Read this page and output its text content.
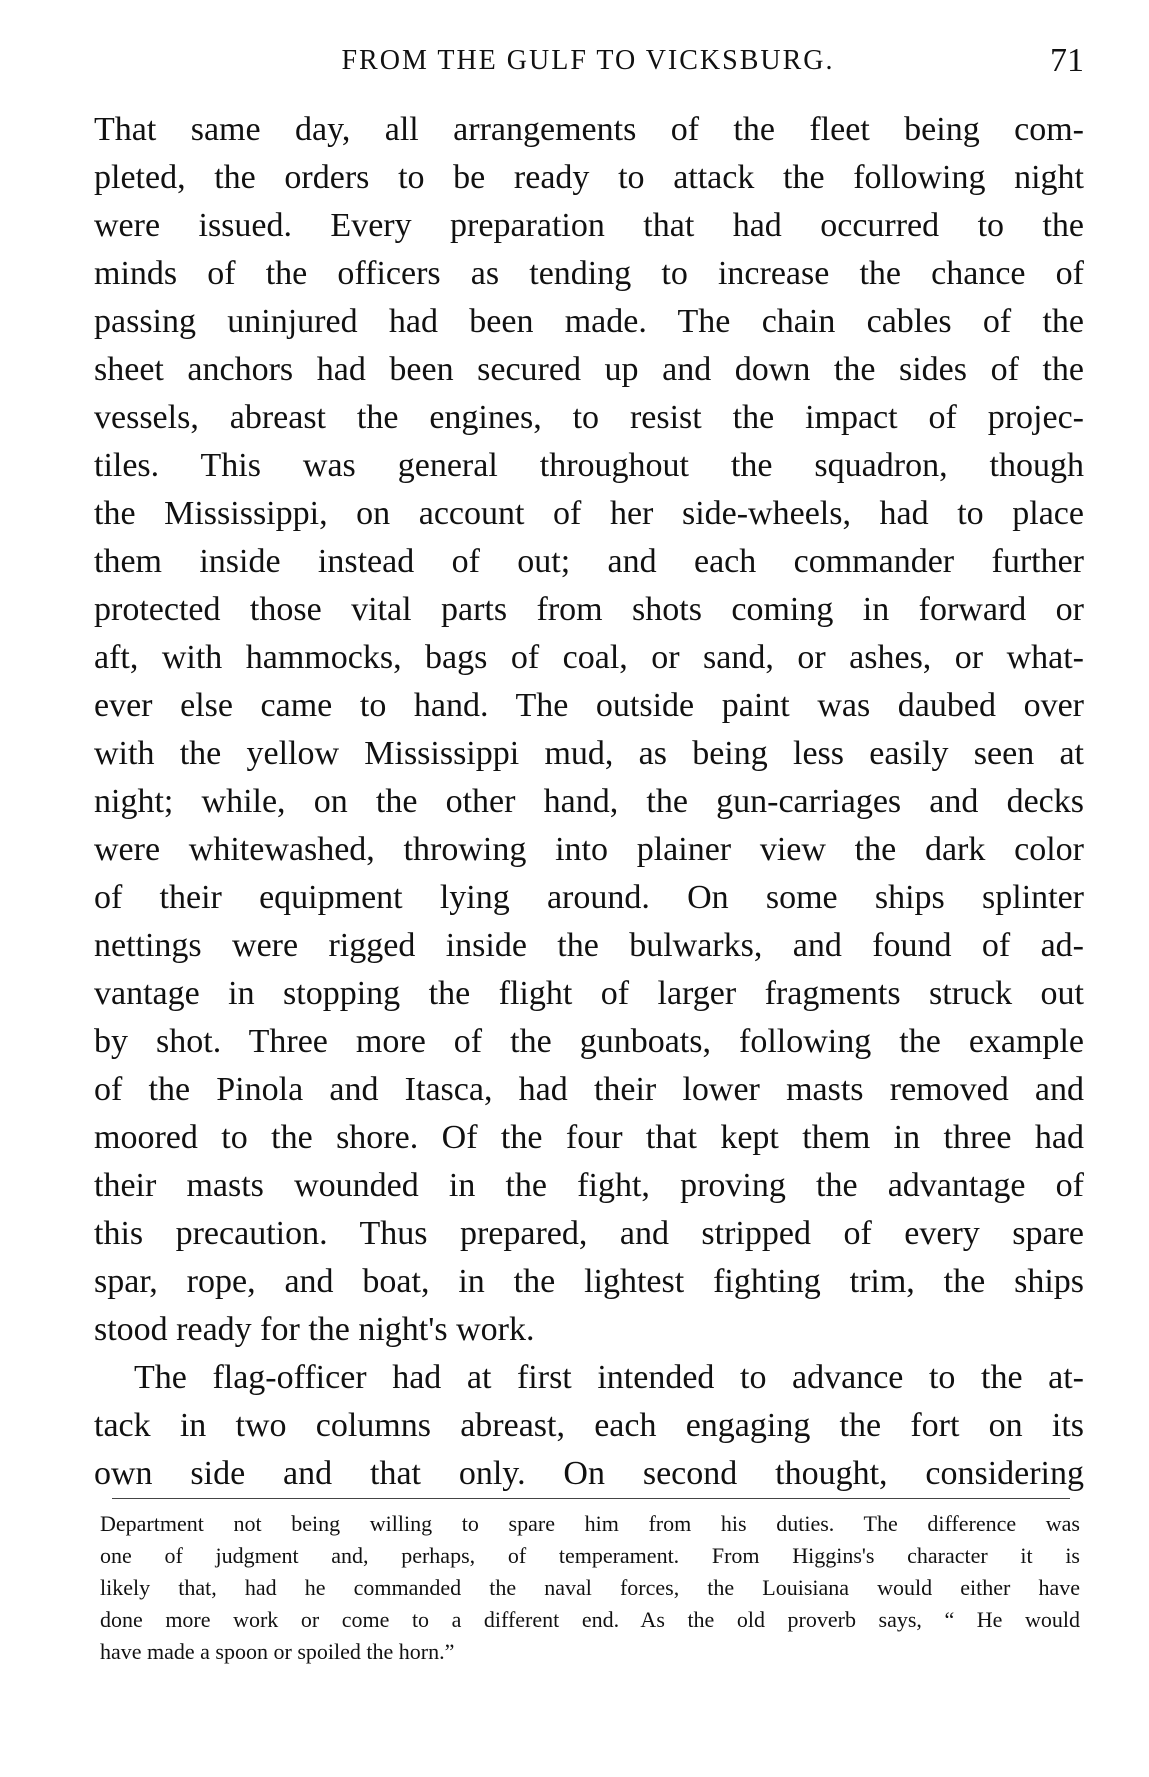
FROM THE GULF TO VICKSBURG.	71
That same day, all arrangements of the fleet being com-
pleted, the orders to be ready to attack the following night
were issued. Every preparation that had occurred to the
minds of the officers as tending to increase the chance of
passing uninjured had been made. The chain cables of the
sheet anchors had been secured up and down the sides of the
vessels, abreast the engines, to resist the impact of projec-
tiles. This was general throughout the squadron, though
the Mississippi, on account of her side-wheels, had to place
them inside instead of out; and each commander further
protected those vital parts from shots coming in forward or
aft, with hammocks, bags of coal, or sand, or ashes, or what-
ever else came to hand. The outside paint was daubed over
with the yellow Mississippi mud, as being less easily seen at
night; while, on the other hand, the gun-carriages and decks
were whitewashed, throwing into plainer view the dark color
of their equipment lying around. On some ships splinter
nettings were rigged inside the bulwarks, and found of ad-
vantage in stopping the flight of larger fragments struck out
by shot. Three more of the gunboats, following the example
of the Pinola and Itasca, had their lower masts removed and
moored to the shore. Of the four that kept them in three had
their masts wounded in the fight, proving the advantage of
this precaution. Thus prepared, and stripped of every spare
spar, rope, and boat, in the lightest fighting trim, the ships
stood ready for the night's work.
The flag-officer had at first intended to advance to the at-
tack in two columns abreast, each engaging the fort on its
own side and that only. On second thought, considering
Department not being willing to spare him from his duties. The difference was
one of judgment and, perhaps, of temperament. From Higgins's character it is
likely that, had he commanded the naval forces, the Louisiana would either have
done more work or come to a different end. As the old proverb says, “ He would
have made a spoon or spoiled the horn.”
